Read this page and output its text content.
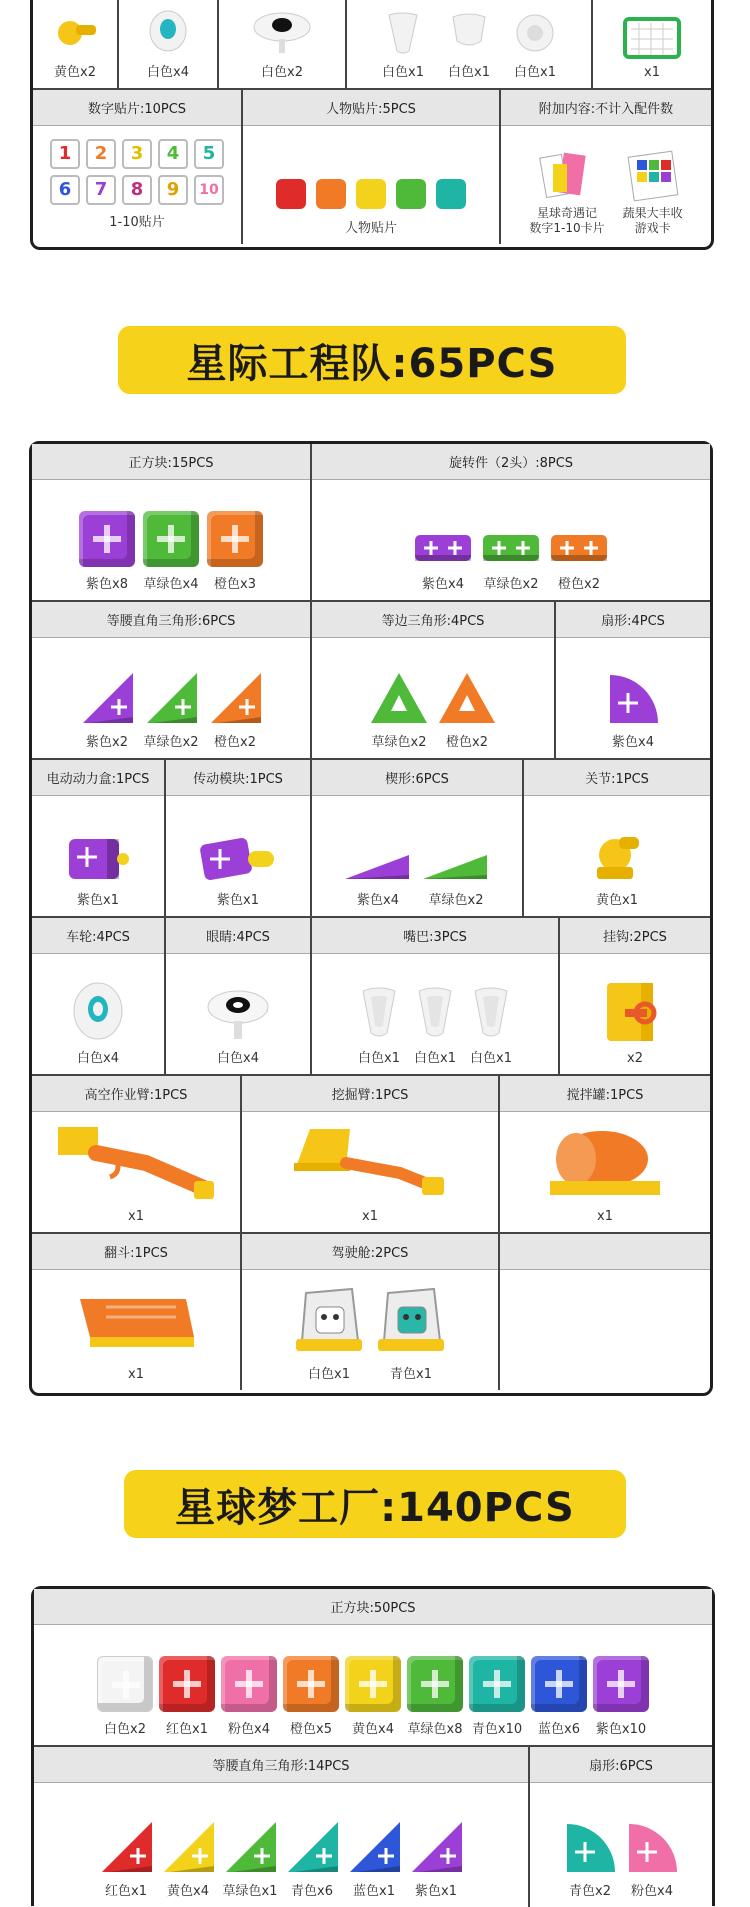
黄色x2	白色x4	白色x2	白色x1 白色x1 白色x1	x1
数字贴片:10PCS
1	2	3	4	5
6	7	8	9	10
1-10贴片
人物贴片:5PCS
人物贴片
附加内容:不计入配件数
星球奇遇记
数字1-10卡片
蔬果大丰收
游戏卡
星际工程队:65PCS
正方块:15PCS
紫色x8 草绿色x4 橙色x3
旋转件（2头）:8PCS
紫色x4 草绿色x2 橙色x2
等腰直角三角形:6PCS
紫色x2 草绿色x2 橙色x2
等边三角形:4PCS
草绿色x2 橙色x2
扇形:4PCS
紫色x4
电动动力盒:1PCS
紫色x1
传动模块:1PCS
紫色x1
楔形:6PCS
紫色x4 草绿色x2
关节:1PCS
黄色x1
车轮:4PCS
白色x4
眼睛:4PCS
白色x4
嘴巴:3PCS
白色x1 白色x1 白色x1
挂钩:2PCS
x2
高空作业臂:1PCS
x1
挖掘臂:1PCS
x1
搅拌罐:1PCS
x1
翻斗:1PCS
x1
驾驶舱:2PCS
白色x1	青色x1
星球梦工厂:140PCS
正方块:50PCS
白色x2 红色x1 粉色x4 橙色x5 黄色x4 草绿色x8 青色x10 蓝色x6 紫色x10
等腰直角三角形:14PCS
红色x1 黄色x4 草绿色x1 青色x6 蓝色x1 紫色x1
扇形:6PCS
青色x2 粉色x4
